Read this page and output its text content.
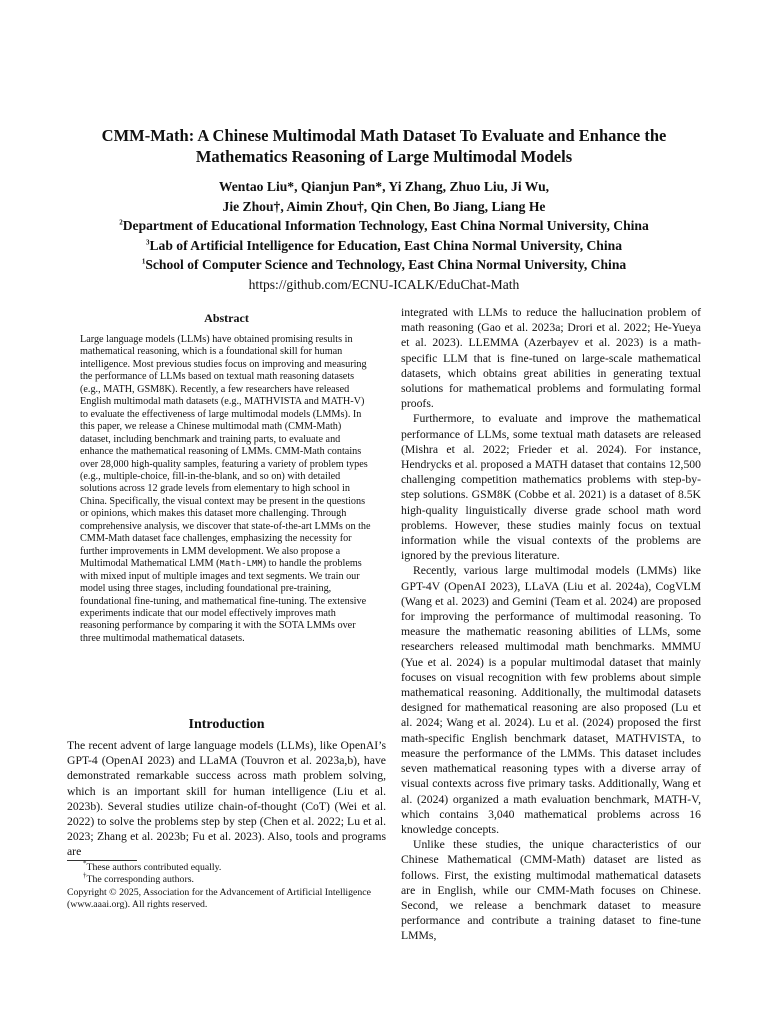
CMM-Math: A Chinese Multimodal Math Dataset To Evaluate and Enhance the
Mathematics Reasoning of Large Multimodal Models
Wentao Liu*, Qianjun Pan*, Yi Zhang, Zhuo Liu, Ji Wu,
Jie Zhou†, Aimin Zhou†, Qin Chen, Bo Jiang, Liang He
$^2$Department of Educational Information Technology, East China Normal University, China
$^3$Lab of Artificial Intelligence for Education, East China Normal University, China
$^1$School of Computer Science and Technology, East China Normal University, China
https://github.com/ECNU-ICALK/EduChat-Math
Abstract

Large language models (LLMs) have obtained promising results in mathematical reasoning, which is a foundational skill for human intelligence. Most previous studies focus on improving and measuring the performance of LLMs based on textual math reasoning datasets (e.g., MATH, GSM8K). Recently, a few researchers have released English multimodal math datasets (e.g., MATHVISTA and MATH-V) to evaluate the effectiveness of large multimodal models (LMMs). In this paper, we release a Chinese multimodal math (CMM-Math) dataset, including benchmark and training parts, to evaluate and enhance the mathematical reasoning of LMMs. CMM-Math contains over 28,000 high-quality samples, featuring a variety of problem types (e.g., multiple-choice, fill-in-the-blank, and so on) with detailed solutions across 12 grade levels from elementary to high school in China. Specifically, the visual context may be present in the questions or opinions, which makes this dataset more challenging. Through comprehensive analysis, we discover that state-of-the-art LMMs on the CMM-Math dataset face challenges, emphasizing the necessity for further improvements in LMM development. We also propose a Multimodal Mathematical LMM (Math-LMM) to handle the problems with mixed input of multiple images and text segments. We train our model using three stages, including foundational pre-training, foundational fine-tuning, and mathematical fine-tuning. The extensive experiments indicate that our model effectively improves math reasoning performance by comparing it with the SOTA LMMs over three multimodal mathematical datasets.

Introduction

The recent advent of large language models (LLMs), like OpenAI’s GPT-4 (OpenAI 2023) and LLaMA (Touvron et al. 2023a,b), have demonstrated remarkable success across math problem solving, which is an important skill for human intelligence (Liu et al. 2023b). Several studies utilize chain-of-thought (CoT) (Wei et al. 2022) to solve the problems step by step (Chen et al. 2022; Lu et al. 2023; Zhang et al. 2023b; Fu et al. 2023). Also, tools and programs are

integrated with LLMs to reduce the hallucination problem of math reasoning (Gao et al. 2023a; Drori et al. 2022; He-Yueya et al. 2023). LLEMMA (Azerbayev et al. 2023) is a math-specific LLM that is fine-tuned on large-scale mathematical datasets, which obtains great abilities in generating textual solutions for mathematical problems and formulating formal proofs.

Furthermore, to evaluate and improve the mathematical performance of LLMs, some textual math datasets are released (Mishra et al. 2022; Frieder et al. 2024). For instance, Hendrycks et al. proposed a MATH dataset that contains 12,500 challenging competition mathematics problems with step-by-step solutions. GSM8K (Cobbe et al. 2021) is a dataset of 8.5K high-quality linguistically diverse grade school math word problems. However, these studies mainly focus on textual information while the visual contexts of the problems are ignored by the previous literature.

Recently, various large multimodal models (LMMs) like GPT-4V (OpenAI 2023), LLaVA (Liu et al. 2024a), CogVLM (Wang et al. 2023) and Gemini (Team et al. 2024) are proposed for improving the performance of multimodal reasoning. To measure the mathematic reasoning abilities of LLMs, some researchers released multimodal math benchmarks. MMMU (Yue et al. 2024) is a popular multimodal dataset that mainly focuses on visual recognition with few problems about simple mathematical reasoning. Additionally, the multimodal datasets designed for mathematical reasoning are also proposed (Lu et al. 2024; Wang et al. 2024). Lu et al. (2024) proposed the first math-specific English benchmark dataset, MATHVISTA, to measure the performance of the LMMs. This dataset includes seven mathematical reasoning types with a diverse array of visual contexts across five primary tasks. Additionally, Wang et al. (2024) organized a math evaluation benchmark, MATH-V, which contains 3,040 mathematical problems across 16 knowledge concepts.

Unlike these studies, the unique characteristics of our Chinese Mathematical (CMM-Math) dataset are listed as follows. First, the existing multimodal mathematical datasets are in English, while our CMM-Math focuses on Chinese. Second, we release a benchmark dataset to measure performance and contribute a training dataset to fine-tune LMMs,

*These authors contributed equally.
†The corresponding authors.
Copyright © 2025, Association for the Advancement of Artificial Intelligence (www.aaai.org). All rights reserved.
